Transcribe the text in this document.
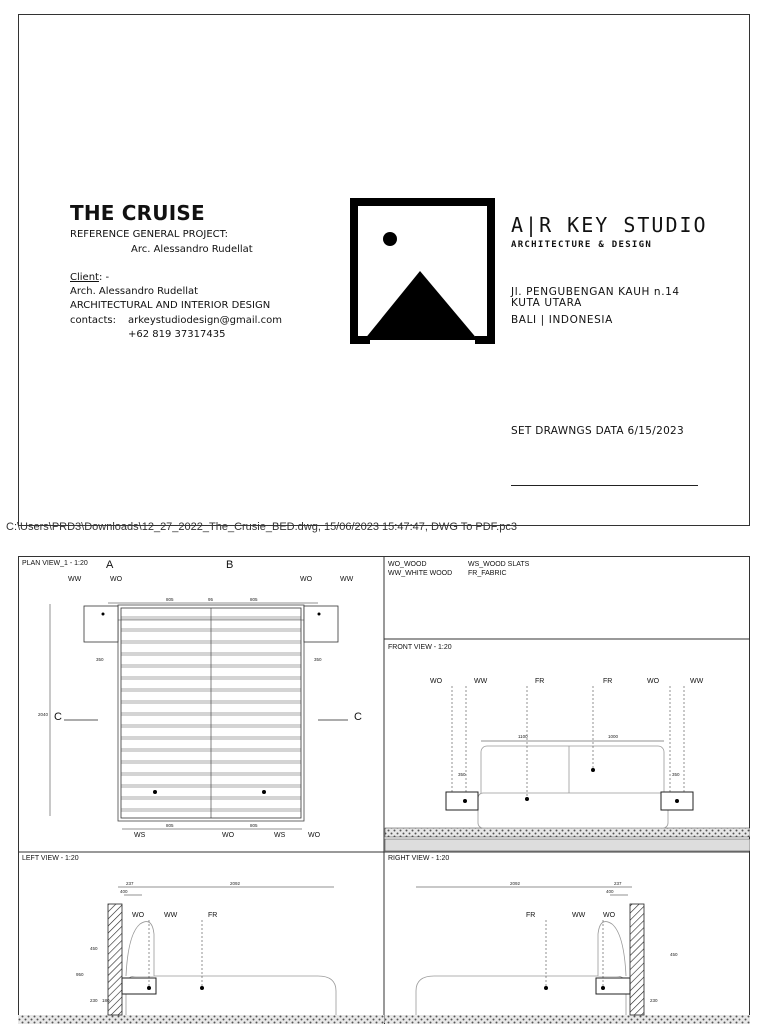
THE CRUISE
REFERENCE GENERAL PROJECT:
Arc. Alessandro Rudellat
Client: -
Arch. Alessandro Rudellat
ARCHITECTURAL AND INTERIOR DESIGN
contacts: arkeystudiodesign@gmail.com
+62 819 37317435
A|R KEY STUDIO
ARCHITECTURE & DESIGN
Jl. PENGUBENGAN KAUH n.14
KUTA UTARA
BALI | INDONESIA
SET DRAWNGS DATA 6/15/2023
C:\Users\PRD3\Downloads\12_27_2022_The_Crusie_BED.dwg, 15/06/2023 15:47:47, DWG To PDF.pc3
PLAN VIEW_1 - 1:20
FRONT VIEW - 1:20
LEFT VIEW - 1:20	RIGHT VIEW - 1:20
WO_WOOD
WW_WHITE WOOD
WS_WOOD SLATS
FR_FABRIC
805	95	805
805	805
2040
350	350
A	B
C	C
WW	WO	WO	WW
WS	WO	WS	WO
1100	1000
350	350
WO	WW	FR	FR	WO	WW
237	2092
400
950
450
230 180
WO	WW	FR
2092	237
400
450
230
FR	WW	WO
